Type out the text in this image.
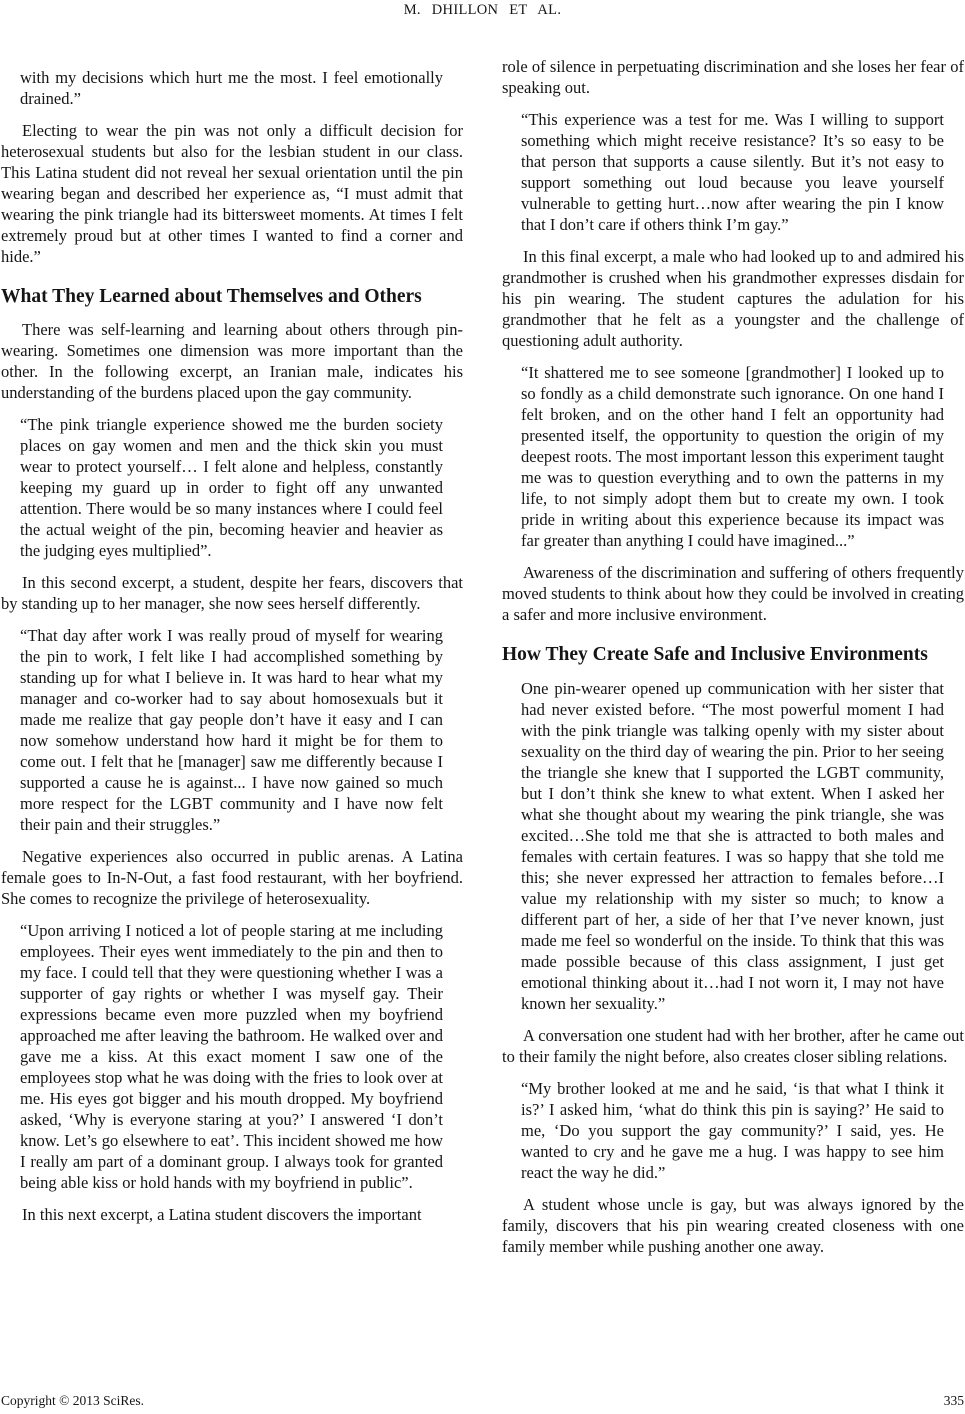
M. DHILLON ET AL.
with my decisions which hurt me the most. I feel emotionally drained.”

Electing to wear the pin was not only a difficult decision for heterosexual students but also for the lesbian student in our class. This Latina student did not reveal her sexual orientation until the pin wearing began and described her experience as, “I must admit that wearing the pink triangle had its bittersweet moments. At times I felt extremely proud but at other times I wanted to find a corner and hide.”

What They Learned about Themselves and Others

There was self-learning and learning about others through pin-wearing. Sometimes one dimension was more important than the other. In the following excerpt, an Iranian male, indicates his understanding of the burdens placed upon the gay community.

“The pink triangle experience showed me the burden society places on gay women and men and the thick skin you must wear to protect yourself… I felt alone and helpless, constantly keeping my guard up in order to fight off any unwanted attention. There would be so many instances where I could feel the actual weight of the pin, becoming heavier and heavier as the judging eyes multiplied”.

In this second excerpt, a student, despite her fears, discovers that by standing up to her manager, she now sees herself differently.

“That day after work I was really proud of myself for wearing the pin to work, I felt like I had accomplished something by standing up for what I believe in. It was hard to hear what my manager and co-worker had to say about homosexuals but it made me realize that gay people don’t have it easy and I can now somehow understand how hard it might be for them to come out. I felt that he [manager] saw me differently because I supported a cause he is against... I have now gained so much more respect for the LGBT community and I have now felt their pain and their struggles.”

Negative experiences also occurred in public arenas. A Latina female goes to In-N-Out, a fast food restaurant, with her boyfriend. She comes to recognize the privilege of heterosexuality.

“Upon arriving I noticed a lot of people staring at me including employees. Their eyes went immediately to the pin and then to my face. I could tell that they were questioning whether I was a supporter of gay rights or whether I was myself gay. Their expressions became even more puzzled when my boyfriend approached me after leaving the bathroom. He walked over and gave me a kiss. At this exact moment I saw one of the employees stop what he was doing with the fries to look over at me. His eyes got bigger and his mouth dropped. My boyfriend asked, ‘Why is everyone staring at you?’ I answered ‘I don’t know. Let’s go elsewhere to eat’. This incident showed me how I really am part of a dominant group. I always took for granted being able kiss or hold hands with my boyfriend in public”.

In this next excerpt, a Latina student discovers the important

role of silence in perpetuating discrimination and she loses her fear of speaking out.

“This experience was a test for me. Was I willing to support something which might receive resistance? It’s so easy to be that person that supports a cause silently. But it’s not easy to support something out loud because you leave yourself vulnerable to getting hurt…now after wearing the pin I know that I don’t care if others think I’m gay.”

In this final excerpt, a male who had looked up to and admired his grandmother is crushed when his grandmother expresses disdain for his pin wearing. The student captures the adulation for his grandmother that he felt as a youngster and the challenge of questioning adult authority.

“It shattered me to see someone [grandmother] I looked up to so fondly as a child demonstrate such ignorance. On one hand I felt broken, and on the other hand I felt an opportunity had presented itself, the opportunity to question the origin of my deepest roots. The most important lesson this experiment taught me was to question everything and to own the patterns in my life, to not simply adopt them but to create my own. I took pride in writing about this experience because its impact was far greater than anything I could have imagined...”

Awareness of the discrimination and suffering of others frequently moved students to think about how they could be involved in creating a safer and more inclusive environment.

How They Create Safe and Inclusive Environments
One pin-wearer opened up communication with her sister that had never existed before. “The most powerful moment I had with the pink triangle was talking openly with my sister about sexuality on the third day of wearing the pin. Prior to her seeing the triangle she knew that I supported the LGBT community, but I don’t think she knew to what extent. When I asked her what she thought about my wearing the pink triangle, she was excited…She told me that she is attracted to both males and females with certain features. I was so happy that she told me this; she never expressed her attraction to females before…I value my relationship with my sister so much; to know a different part of her, a side of her that I’ve never known, just made me feel so wonderful on the inside. To think that this was made possible because of this class assignment, I just get emotional thinking about it…had I not worn it, I may not have known her sexuality.”

A conversation one student had with her brother, after he came out to their family the night before, also creates closer sibling relations.

“My brother looked at me and he said, ‘is that what I think it is?’ I asked him, ‘what do think this pin is saying?’ He said to me, ‘Do you support the gay community?’ I said, yes. He wanted to cry and he gave me a hug. I was happy to see him react the way he did.”

A student whose uncle is gay, but was always ignored by the family, discovers that his pin wearing created closeness with one family member while pushing another one away.

Copyright © 2013 SciRes.	335
